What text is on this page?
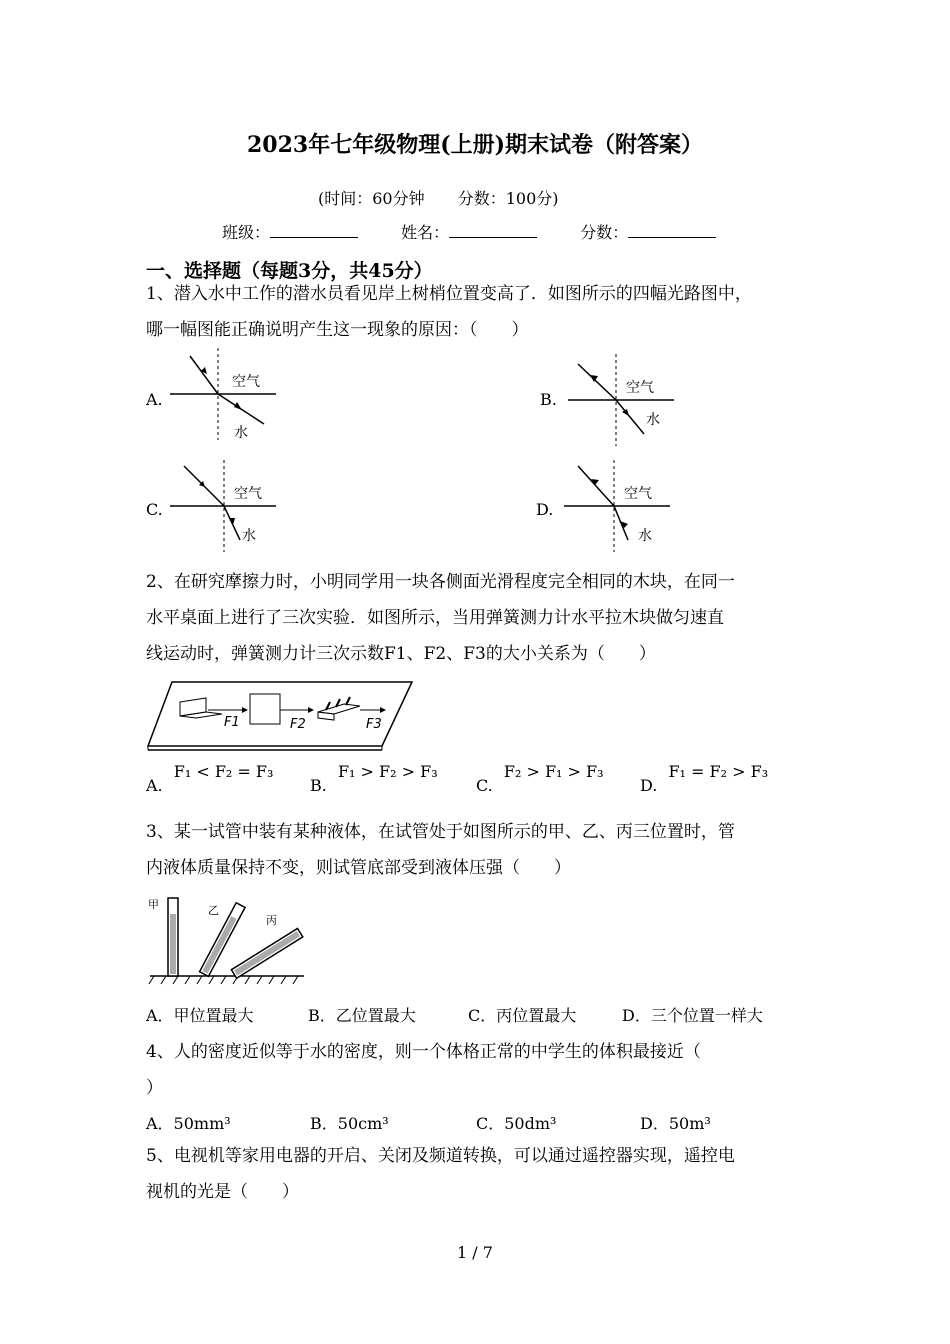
2023年七年级物理(上册)期末试卷（附答案）
(时间：60分钟 分数：100分)
班级：	姓名：	分数：
一、选择题（每题3分，共45分）
1、潜入水中工作的潜水员看见岸上树梢位置变高了．如图所示的四幅光路图中，
哪一幅图能正确说明产生这一现象的原因：（　　）
A.
空气
水
B.
空气
水
C.
空气
水
D.
空气
水
2、在研究摩擦力时，小明同学用一块各侧面光滑程度完全相同的木块，在同一
水平桌面上进行了三次实验．如图所示，当用弹簧测力计水平拉木块做匀速直
线运动时，弹簧测力计三次示数F1、F2、F3的大小关系为（　　）
F1	F2	F3
A. F₁ < F₂ = F₃
B. F₁ > F₂ > F₃
C. F₂ > F₁ > F₃
D. F₁ = F₂ > F₃
3、某一试管中装有某种液体，在试管处于如图所示的甲、乙、丙三位置时，管
内液体质量保持不变，则试管底部受到液体压强（　　）
甲	乙
丙
A．甲位置最大	B．乙位置最大	C．丙位置最大	D．三个位置一样大
4、人的密度近似等于水的密度，则一个体格正常的中学生的体积最接近（
）
A．50mm³	B．50cm³	C．50dm³	D．50m³
5、电视机等家用电器的开启、关闭及频道转换，可以通过遥控器实现，遥控电
视机的光是（　　）
1 / 7
